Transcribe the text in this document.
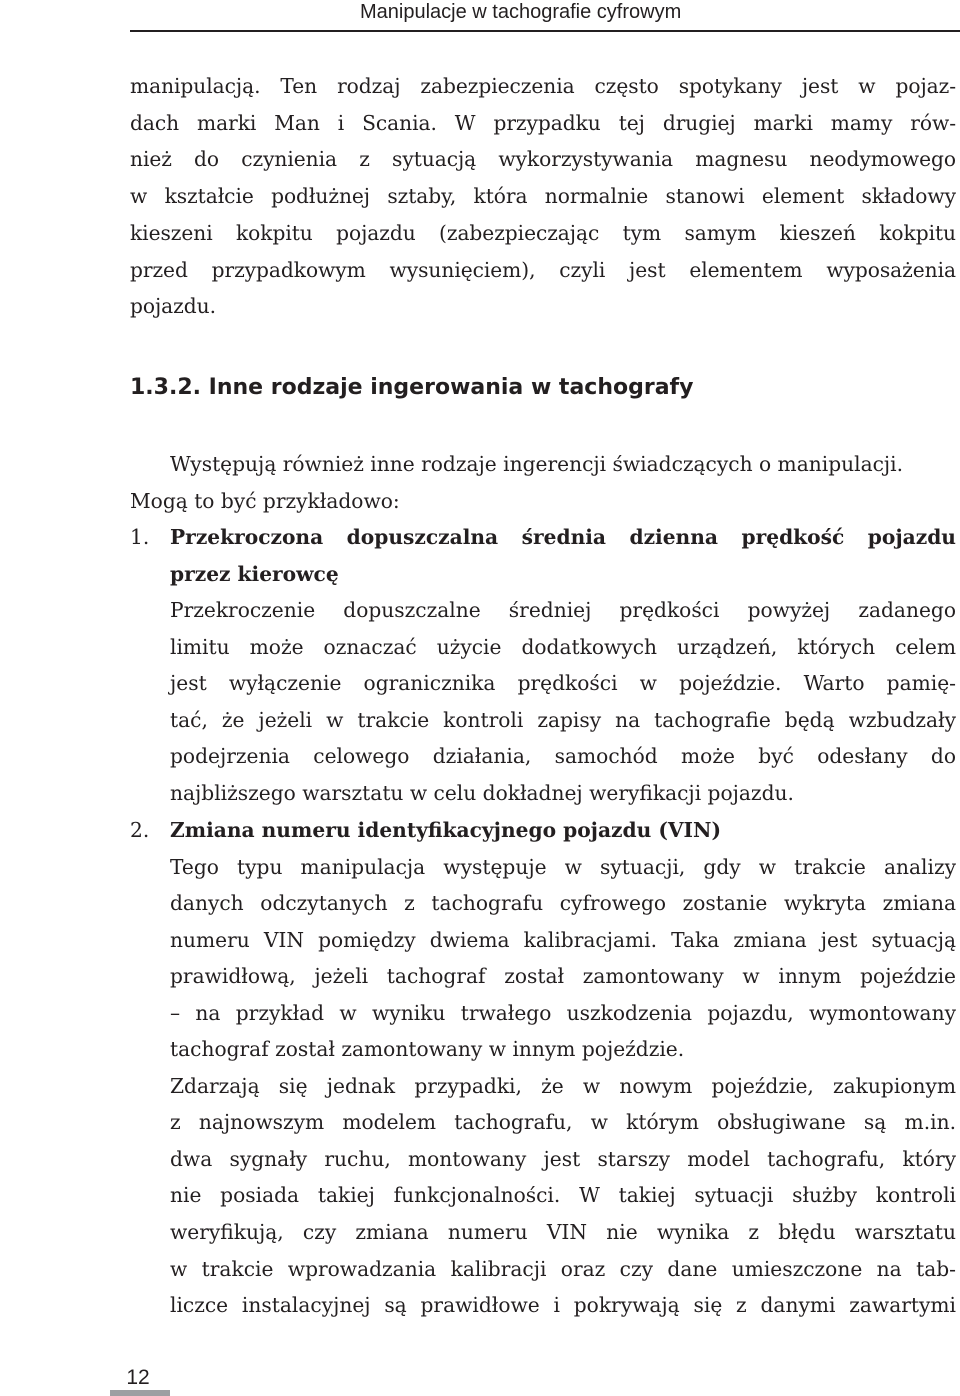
Manipulacje w tachografie cyfrowym
manipulacją. Ten rodzaj zabezpieczenia często spotykany jest w pojaz-
dach marki Man i Scania. W przypadku tej drugiej marki mamy rów-
nież do czynienia z sytuacją wykorzystywania magnesu neodymowego
w kształcie podłużnej sztaby, która normalnie stanowi element składowy
kieszeni kokpitu pojazdu (zabezpieczając tym samym kieszeń kokpitu
przed przypadkowym wysunięciem), czyli jest elementem wyposażenia
pojazdu.
1.3.2. Inne rodzaje ingerowania w tachografy
Występują również inne rodzaje ingerencji świadczących o manipulacji.
Mogą to być przykładowo:
1. Przekroczona dopuszczalna średnia dzienna prędkość pojazdu
przez kierowcę
Przekroczenie dopuszczalne średniej prędkości powyżej zadanego
limitu może oznaczać użycie dodatkowych urządzeń, których celem
jest wyłączenie ogranicznika prędkości w pojeździe. Warto pamię-
tać, że jeżeli w trakcie kontroli zapisy na tachografie będą wzbudzały
podejrzenia celowego działania, samochód może być odesłany do
najbliższego warsztatu w celu dokładnej weryfikacji pojazdu.
2. Zmiana numeru identyfikacyjnego pojazdu (VIN)
Tego typu manipulacja występuje w sytuacji, gdy w trakcie analizy
danych odczytanych z tachografu cyfrowego zostanie wykryta zmiana
numeru VIN pomiędzy dwiema kalibracjami. Taka zmiana jest sytuacją
prawidłową, jeżeli tachograf został zamontowany w innym pojeździe
– na przykład w wyniku trwałego uszkodzenia pojazdu, wymontowany
tachograf został zamontowany w innym pojeździe.
Zdarzają się jednak przypadki, że w nowym pojeździe, zakupionym
z najnowszym modelem tachografu, w którym obsługiwane są m.in.
dwa sygnały ruchu, montowany jest starszy model tachografu, który
nie posiada takiej funkcjonalności. W takiej sytuacji służby kontroli
weryfikują, czy zmiana numeru VIN nie wynika z błędu warsztatu
w trakcie wprowadzania kalibracji oraz czy dane umieszczone na tab-
liczce instalacyjnej są prawidłowe i pokrywają się z danymi zawartymi
12
